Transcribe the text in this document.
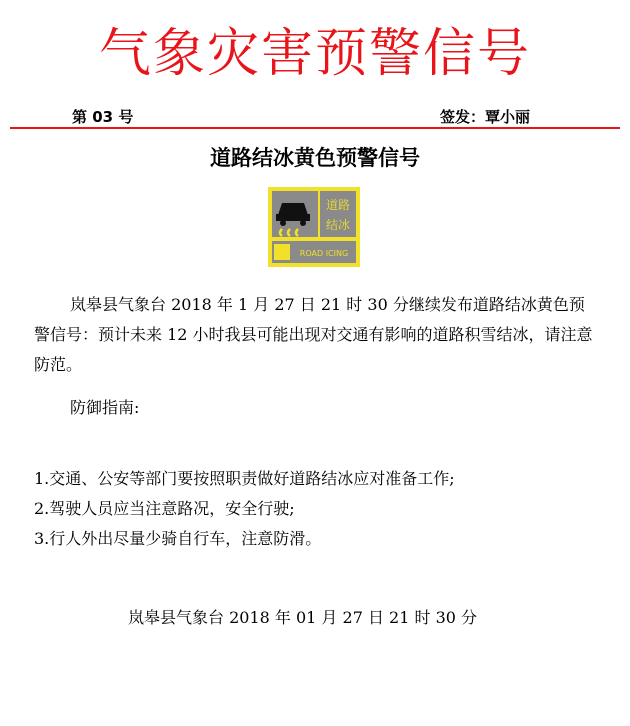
气象灾害预警信号
第 03 号	签发：覃小丽
道路结冰黄色预警信号
道路
结冰
ROAD ICING
岚皋县气象台 2018 年 1 月 27 日 21 时 30 分继续发布道路结冰黄色预警信号：预计未来 12 小时我县可能出现对交通有影响的道路积雪结冰，请注意防范。
防御指南:
1.交通、公安等部门要按照职责做好道路结冰应对准备工作;
2.驾驶人员应当注意路况，安全行驶;
3.行人外出尽量少骑自行车，注意防滑。
岚皋县气象台 2018 年 01 月 27 日 21 时 30 分
